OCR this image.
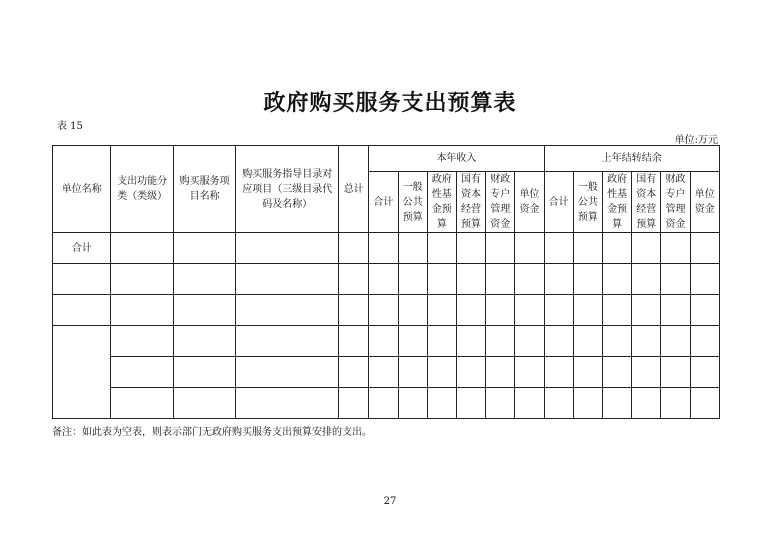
政府购买服务支出预算表
表 15
单位:万元
单位名称	支出功能分类（类级）	购买服务项目名称	购买服务指导目录对应项目（三级目录代码及名称）	总计	本年收入						上年结转结余					
					合计	一般公共预算	政府性基金预算	国有资本经营预算	财政专户管理资金	单位资金	合计	一般公共预算	政府性基金预算	国有资本经营预算	财政专户管理资金	单位资金
合计																

备注：如此表为空表，则表示部门无政府购买服务支出预算安排的支出。
27
